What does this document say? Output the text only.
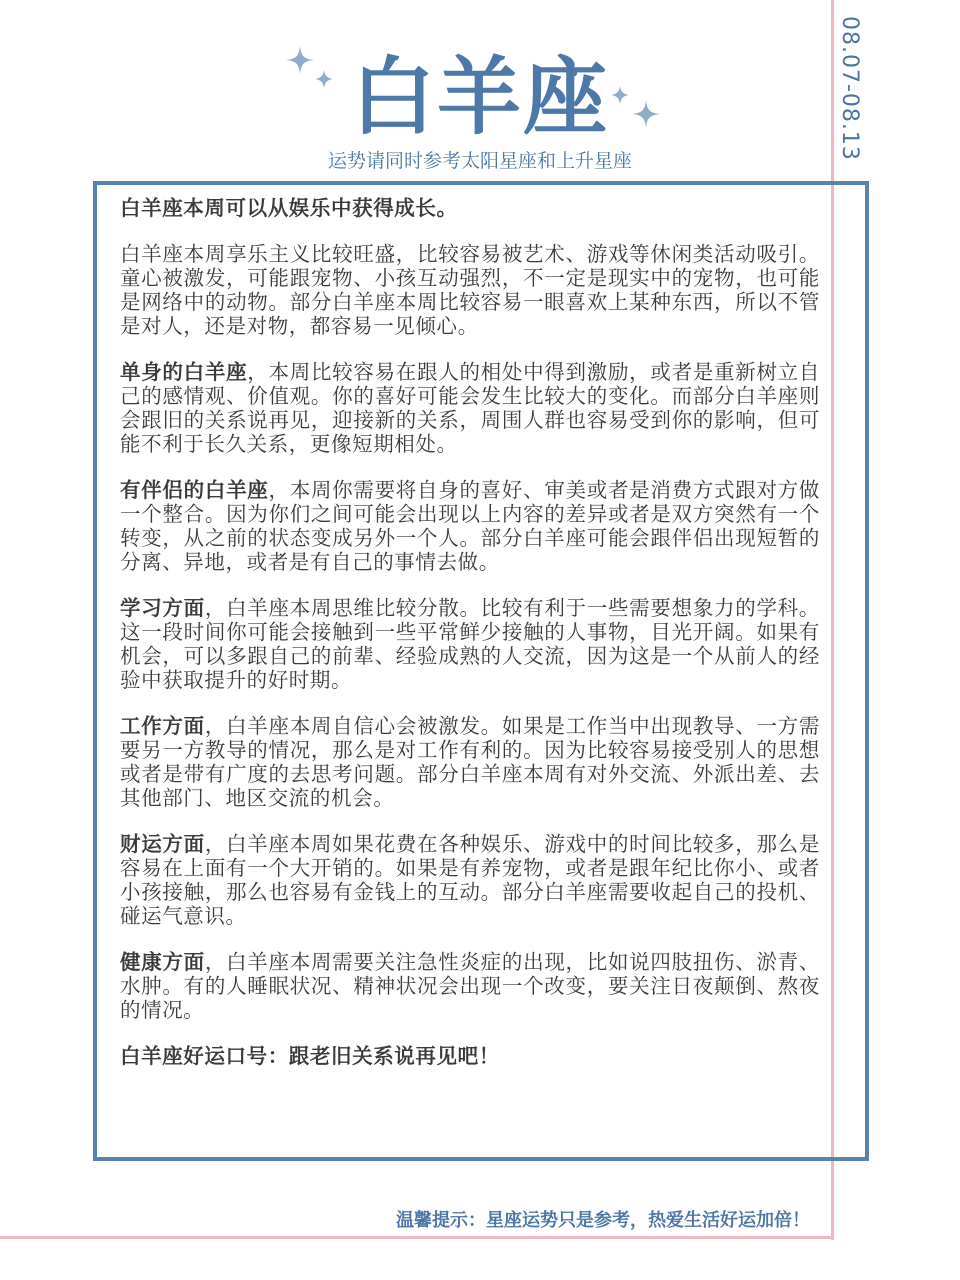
08.07-08.13
白羊座
运势请同时参考太阳星座和上升星座

白羊座本周可以从娱乐中获得成长。

白羊座本周享乐主义比较旺盛，比较容易被艺术、游戏等休闲类活动吸引。童心被激发，可能跟宠物、小孩互动强烈，不一定是现实中的宠物，也可能是网络中的动物。部分白羊座本周比较容易一眼喜欢上某种东西，所以不管是对人，还是对物，都容易一见倾心。

单身的白羊座，本周比较容易在跟人的相处中得到激励，或者是重新树立自己的感情观、价值观。你的喜好可能会发生比较大的变化。而部分白羊座则会跟旧的关系说再见，迎接新的关系，周围人群也容易受到你的影响，但可能不利于长久关系，更像短期相处。

有伴侣的白羊座，本周你需要将自身的喜好、审美或者是消费方式跟对方做一个整合。因为你们之间可能会出现以上内容的差异或者是双方突然有一个转变，从之前的状态变成另外一个人。部分白羊座可能会跟伴侣出现短暂的分离、异地，或者是有自己的事情去做。

学习方面，白羊座本周思维比较分散。比较有利于一些需要想象力的学科。这一段时间你可能会接触到一些平常鲜少接触的人事物，目光开阔。如果有机会，可以多跟自己的前辈、经验成熟的人交流，因为这是一个从前人的经验中获取提升的好时期。

工作方面，白羊座本周自信心会被激发。如果是工作当中出现教导、一方需要另一方教导的情况，那么是对工作有利的。因为比较容易接受别人的思想或者是带有广度的去思考问题。部分白羊座本周有对外交流、外派出差、去其他部门、地区交流的机会。

财运方面，白羊座本周如果花费在各种娱乐、游戏中的时间比较多，那么是容易在上面有一个大开销的。如果是有养宠物，或者是跟年纪比你小、或者小孩接触，那么也容易有金钱上的互动。部分白羊座需要收起自己的投机、碰运气意识。

健康方面，白羊座本周需要关注急性炎症的出现，比如说四肢扭伤、淤青、水肿。有的人睡眠状况、精神状况会出现一个改变，要关注日夜颠倒、熬夜的情况。

白羊座好运口号：跟老旧关系说再见吧！

温馨提示：星座运势只是参考，热爱生活好运加倍！
